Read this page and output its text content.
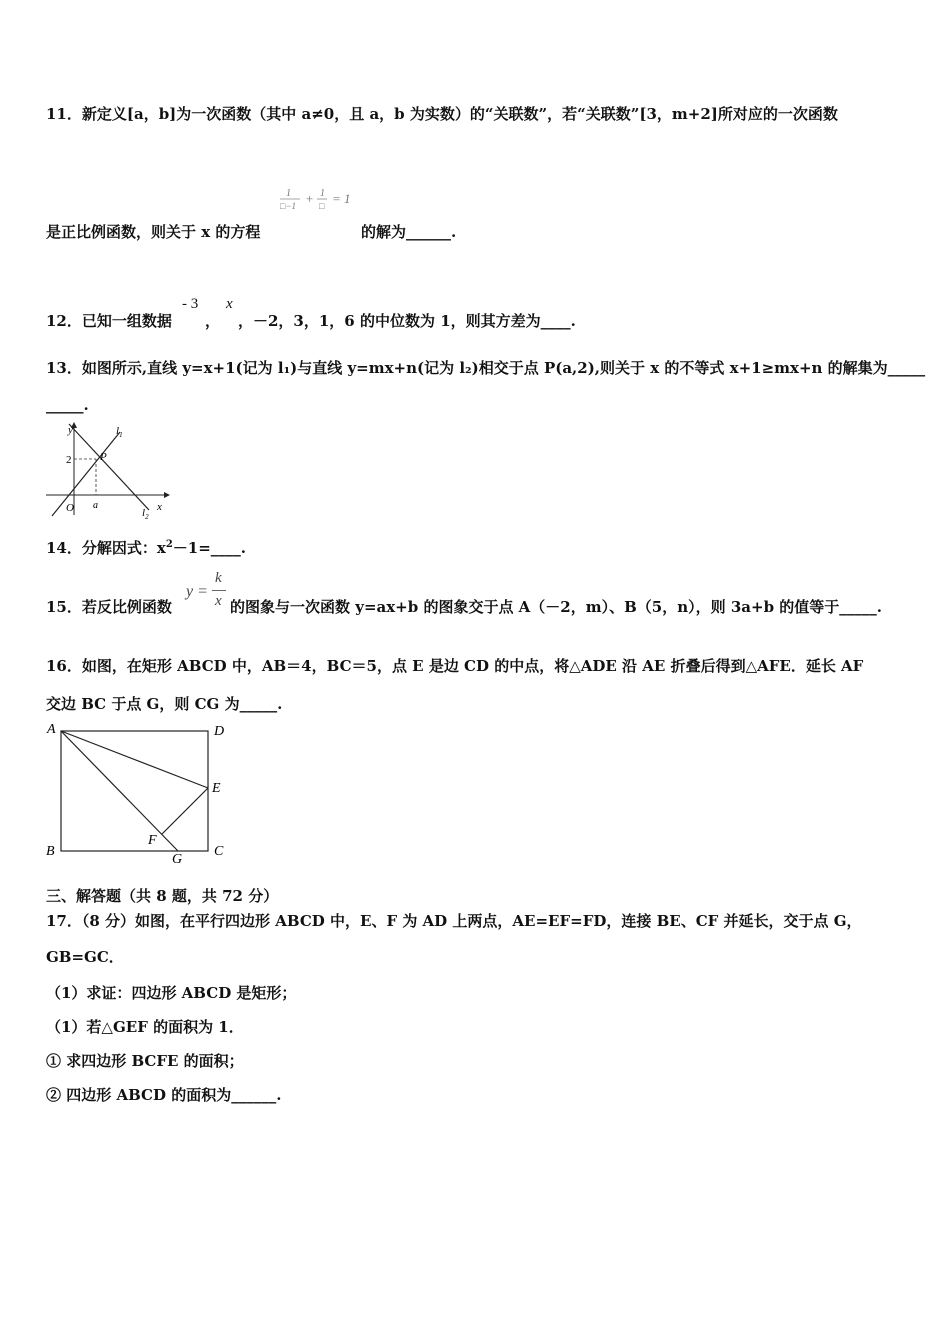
11．新定义[a，b]为一次函数（其中 a≠0，且 a，b 为实数）的“关联数”，若“关联数”[3，m+2]所对应的一次函数
1
□−1 + 1
□ = 1
是正比例函数，则关于 x 的方程	的解为______.
12．已知一组数据
- 3
，
x
，－2，3，1，6 的中位数为 1，则其方差为____.
13．如图所示,直线 y=x+1(记为 l₁)与直线 y=mx+n(记为 l₂)相交于点 P(a,2),则关于 x 的不等式 x+1≥mx+n 的解集为_____
_____.
y
x
O a
2	P
$l_1$
$l_2$
14．分解因式：$x^2-1=\_\_\_\_$.
15．若反比例函数
y =
k
x 的图象与一次函数 y=ax+b 的图象交于点 A（－2，m）、B（5，n），则 3a+b 的值等于_____.
16．如图，在矩形 ABCD 中，AB＝4，BC＝5，点 E 是边 CD 的中点，将△ADE 沿 AE 折叠后得到△AFE．延长 AF
交边 BC 于点 G，则 CG 为_____.
A
B	C
D
E
F
G
三、解答题（共 8 题，共 72 分）
17．（8 分）如图，在平行四边形 ABCD 中，E、F 为 AD 上两点，AE=EF=FD，连接 BE、CF 并延长，交于点 G，
GB=GC．
（1）求证：四边形 ABCD 是矩形；
（1）若△GEF 的面积为 1．
① 求四边形 BCFE 的面积；
② 四边形 ABCD 的面积为______.
